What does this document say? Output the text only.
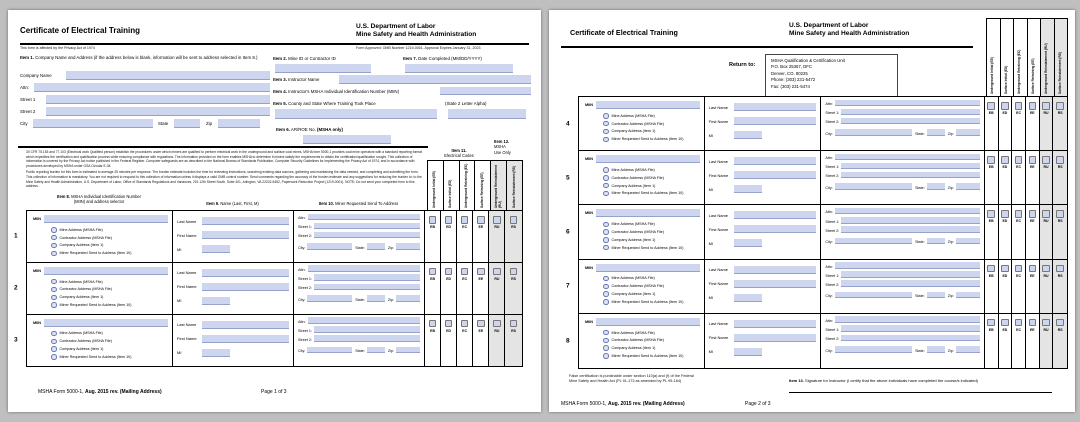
Certificate of Electrical Training	U.S. Department of Labor
Mine Safety and Health Administration
This form is affected by the Privacy Act of 1974	Form Approved: OMB Number 1219-0001. Approval Expires January 31, 2023
Item 1. Company Name and Address (if the address below is blank, information will be sent to address selected in Item 8.)
Company Name
Attn:
Street 1
Street 2
City	State	Zip
Item 2. Mine ID or Contractor ID	Item 7. Date Completed (MM/DD/YYYY)
Item 3. Instructor Name
Item 4. Instructor's MSHA Individual Identification Number (MIIN)
Item 5. County and State Where Training Took Place	(State 2 Letter Alpha)
Item 6. AR/ROE No. (MSHA only)
30 CFR 75.153 and 77.103 (Electrical work Qualified person) establish the procedures under which miners are qualified to perform electrical work in the underground and surface coal mines. MSHA form 5000-1 provides coal mine operators with a standard reporting format which expedites the certification and qualification process while ensuring compliance with regulations. The information provided on the form enables MSHA to determine if miners satisfy the requirements to obtain the certification/qualification sought. This collection of information is covered by the Privacy Act notice published in the Federal Register. Computer safeguards are as described in the National Bureau of Standards Publication, Computer Security Guidelines for Implementing the Privacy Act of 1974, and in accordance with procedures developed by MSHA under GSA Circular E-34.
Public reporting burden for this form is estimated to average 25 minutes per response. The burden estimate includes the time for reviewing instructions, searching existing data sources, gathering and maintaining the data needed, and completing and submitting the form. This collection of information is mandatory. You are not required to respond to this collection of information unless it displays a valid OMB control number. Send comments regarding the accuracy of the burden estimate and any suggestions for reducing the burden to: to the Mine Safety and Health Administration, U.S. Department of Labor, Office of Standards Regulations and Variances, 201 12th Street South, Suite 401, Arlington, VA 22202-5452, Paperwork Reduction Project (1219-0001). NOTE: Do not send your completed form to this address.
Item 11.
Electrical Codes
Item 12.
MSHA
Use Only
Underground Initial (EB)	Surface Initial (ED)	Underground Retraining (EC)	Surface Retraining (EE)	Underground Reinstatement (RU)	Surface Reinstatement (RS)
Item 8. MSHA Individual Identification Number
(MIIN) and address selector	Item 9. Name (Last, First, M)	Item 10. Miner Requested Send To Address
1
MIIN
Mine Address (MSHA File)
Contractor Address (MSHA File)
Company Address (Item 1)
Miner Requested Send to Address (Item 10)
Last Name
First Name
MI
Attn:
Street 1:
Street 2:
City:	State:	Zip:
EB	ED	EC	EE	RU	RS
2
MIIN
Mine Address (MSHA File)
Contractor Address (MSHA File)
Company Address (Item 1)
Miner Requested Send to Address (Item 10)
Last Name
First Name
MI
Attn:
Street 1:
Street 2:
City:	State:	Zip:
EB	ED	EC	EE	RU	RS
3
MIIN
Mine Address (MSHA File)
Contractor Address (MSHA File)
Company Address (Item 1)
Miner Requested Send to Address (Item 10)
Last Name
First Name
MI
Attn:
Street 1:
Street 2:
City:	State:	Zip:
EB	ED	EC	EE	RU	RS
MSHA Form 5000-1, Aug. 2015 rev. (Mailing Address)	Page 1 of 3
Certificate of Electrical Training
U.S. Department of Labor
Mine Safety and Health Administration
Return to:
MSHA Qualification & Certification Unit
P.O. Box 25367, DFC
Denver, CO. 80225
Phone: (303) 231-5472
Fax: (303) 231-5474	Underground Initial (EB)	Surface Initial (ED)	Underground Retraining (EC)	Surface Retraining (EE)	Underground Reinstatement (RU)	Surface Reinstatement (RS)
4
MIIN
Mine Address (MSHA File)
Contractor Address (MSHA File)
Company Address (Item 1)
Miner Requested Send to Address (Item 10)
Last Name
First Name
MI
Attn:
Street 1:
Street 2:
City:	State:	Zip:
EB	ED	EC	EE	RU	RS
5
MIIN
Mine Address (MSHA File)
Contractor Address (MSHA File)
Company Address (Item 1)
Miner Requested Send to Address (Item 10)
Last Name
First Name
MI
Attn:
Street 1:
Street 2:
City:	State:	Zip:
EB	ED	EC	EE	RU	RS
6
MIIN
Mine Address (MSHA File)
Contractor Address (MSHA File)
Company Address (Item 1)
Miner Requested Send to Address (Item 10)
Last Name
First Name
MI
Attn:
Street 1:
Street 2:
City:	State:	Zip:
EB	ED	EC	EE	RU	RS
7
MIIN
Mine Address (MSHA File)
Contractor Address (MSHA File)
Company Address (Item 1)
Miner Requested Send to Address (Item 10)
Last Name
First Name
MI
Attn:
Street 1:
Street 2:
City:	State:	Zip:
EB	ED	EC	EE	RU	RS
8
MIIN
Mine Address (MSHA File)
Contractor Address (MSHA File)
Company Address (Item 1)
Miner Requested Send to Address (Item 10)
Last Name
First Name
MI
Attn:
Street 1:
Street 2:
City:	State:	Zip:
EB	ED	EC	EE	RU	RS
False certification is punishable under section 110(a) and (f) of the Federal
Mine Safety and Health Act (PL 91-173 as amended by PL 95-164)	Item 13. Signature for Instructor (I certify that the above individuals have completed the course/s indicated)
MSHA Form 5000-1, Aug. 2015 rev. (Mailing Address)	Page 2 of 3
